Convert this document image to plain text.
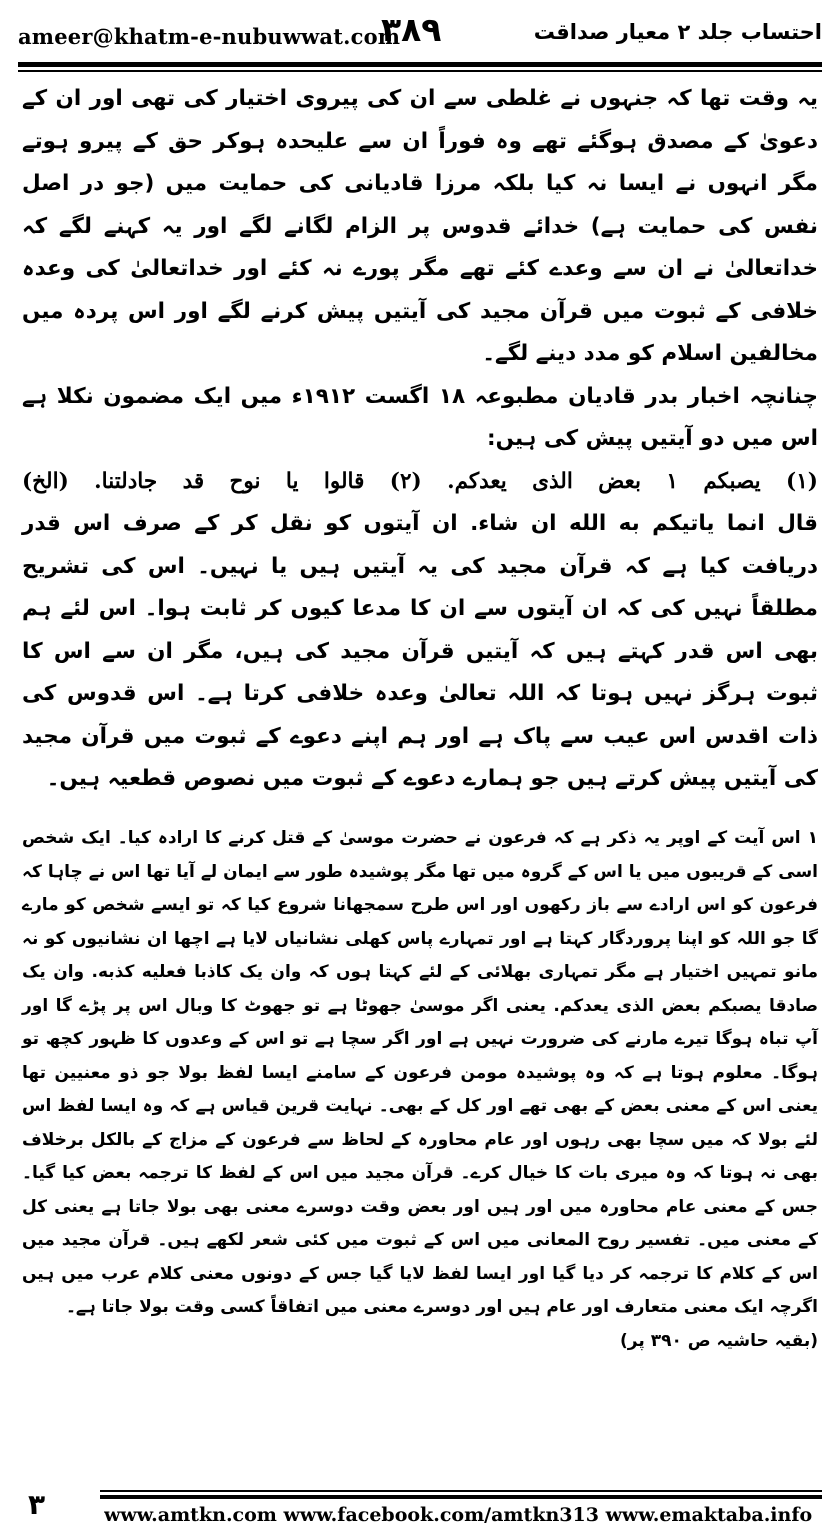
ameer@khatm-e-nubuwwat.com
۳۸۹	احتساب جلد ۲ معیار صداقت

یہ وقت تھا کہ جنہوں نے غلطی سے ان کی پیروی اختیار کی تھی اور ان کے دعویٰ کے مصدق ہوگئے تھے وہ فوراً ان سے علیحدہ ہوکر حق کے پیرو ہوتے مگر انہوں نے ایسا نہ کیا بلکہ مرزا قادیانی کی حمایت میں (جو در اصل نفس کی حمایت ہے) خدائے قدوس پر الزام لگانے لگے اور یہ کہنے لگے کہ خداتعالیٰ نے ان سے وعدے کئے تھے مگر پورے نہ کئے اور خداتعالیٰ کی وعدہ خلافی کے ثبوت میں قرآن مجید کی آیتیں پیش کرنے لگے اور اس پردہ میں مخالفین اسلام کو مدد دینے لگے۔

چنانچہ اخبار بدر قادیان مطبوعہ ۱۸ اگست ۱۹۱۲ء میں ایک مضمون نکلا ہے اس میں دو آیتیں پیش کی ہیں:

(۱) یصبکم ۱ بعض الذی یعدکم. (۲) قالوا یا نوح قد جادلتنا. (الخ)

قال انما یاتیکم به الله ان شاء. ان آیتوں کو نقل کر کے صرف اس قدر دریافت کیا ہے کہ قرآن مجید کی یہ آیتیں ہیں یا نہیں۔ اس کی تشریح مطلقاً نہیں کی کہ ان آیتوں سے ان کا مدعا کیوں کر ثابت ہوا۔ اس لئے ہم بھی اس قدر کہتے ہیں کہ آیتیں قرآن مجید کی ہیں، مگر ان سے اس کا ثبوت ہرگز نہیں ہوتا کہ اللہ تعالیٰ وعدہ خلافی کرتا ہے۔ اس قدوس کی ذات اقدس اس عیب سے پاک ہے اور ہم اپنے دعوے کے ثبوت میں قرآن مجید کی آیتیں پیش کرتے ہیں جو ہمارے دعوے کے ثبوت میں نصوص قطعیہ ہیں۔

۱ اس آیت کے اوپر یہ ذکر ہے کہ فرعون نے حضرت موسیٰ کے قتل کرنے کا ارادہ کیا۔ ایک شخص اسی کے قریبوں میں یا اس کے گروہ میں تھا مگر پوشیدہ طور سے ایمان لے آیا تھا اس نے چاہا کہ فرعون کو اس ارادے سے باز رکھوں اور اس طرح سمجھانا شروع کیا کہ تو ایسے شخص کو مارے گا جو اللہ کو اپنا پروردگار کہتا ہے اور تمہارے پاس کھلی نشانیاں لایا ہے اچھا ان نشانیوں کو نہ مانو تمہیں اختیار ہے مگر تمہاری بھلائی کے لئے کہتا ہوں کہ وان یک کاذبا فعلیه کذبه. وان یک صادقا یصبکم بعض الذی یعدکم. یعنی اگر موسیٰ جھوٹا ہے تو جھوٹ کا وبال اس پر پڑے گا اور آپ تباہ ہوگا تیرے مارنے کی ضرورت نہیں ہے اور اگر سچا ہے تو اس کے وعدوں کا ظہور کچھ تو ہوگا۔ معلوم ہوتا ہے کہ وہ پوشیدہ مومن فرعون کے سامنے ایسا لفظ بولا جو ذو معنیین تھا یعنی اس کے معنی بعض کے بھی تھے اور کل کے بھی۔ نہایت قرین قیاس ہے کہ وہ ایسا لفظ اس لئے بولا کہ میں سچا بھی رہوں اور عام محاورہ کے لحاظ سے فرعون کے مزاج کے بالکل برخلاف بھی نہ ہوتا کہ وہ میری بات کا خیال کرے۔ قرآن مجید میں اس کے لفظ کا ترجمہ بعض کیا گیا۔ جس کے معنی عام محاورہ میں اور ہیں اور بعض وقت دوسرے معنی بھی بولا جاتا ہے یعنی کل کے معنی میں۔ تفسیر روح المعانی میں اس کے ثبوت میں کئی شعر لکھے ہیں۔ قرآن مجید میں اس کے کلام کا ترجمہ کر دیا گیا اور ایسا لفظ لایا گیا جس کے دونوں معنی کلام عرب میں ہیں اگرچہ ایک معنی متعارف اور عام ہیں اور دوسرے معنی میں اتفاقاً کسی وقت بولا جاتا ہے۔

(بقیہ حاشیہ ص ۳۹۰ پر)

۳	www.amtkn.com www.facebook.com/amtkn313 www.emaktaba.info
